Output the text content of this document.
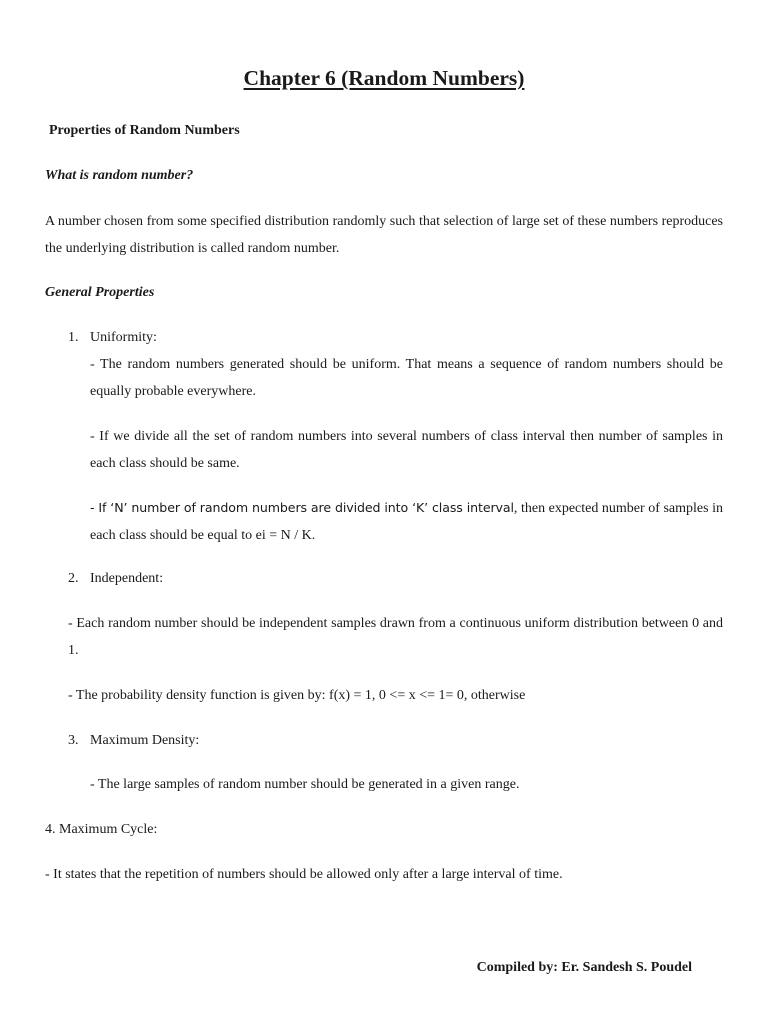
Chapter 6 (Random Numbers)
Properties of Random Numbers
What is random number?

A number chosen from some specified distribution randomly such that selection of large set of these numbers reproduces the underlying distribution is called random number.

General Properties
1. Uniformity:

- The random numbers generated should be uniform. That means a sequence of random numbers should be equally probable everywhere.

- If we divide all the set of random numbers into several numbers of class interval then number of samples in each class should be same.

- If ‘N’ number of random numbers are divided into ‘K’ class interval, then expected number of samples in each class should be equal to ei = N / K.

2. Independent:

- Each random number should be independent samples drawn from a continuous uniform distribution between 0 and 1.

- The probability density function is given by: f(x) = 1, 0 <= x <= 1= 0, otherwise
3. Maximum Density:
- The large samples of random number should be generated in a given range.
4. Maximum Cycle:
- It states that the repetition of numbers should be allowed only after a large interval of time.
Compiled by: Er. Sandesh S. Poudel
